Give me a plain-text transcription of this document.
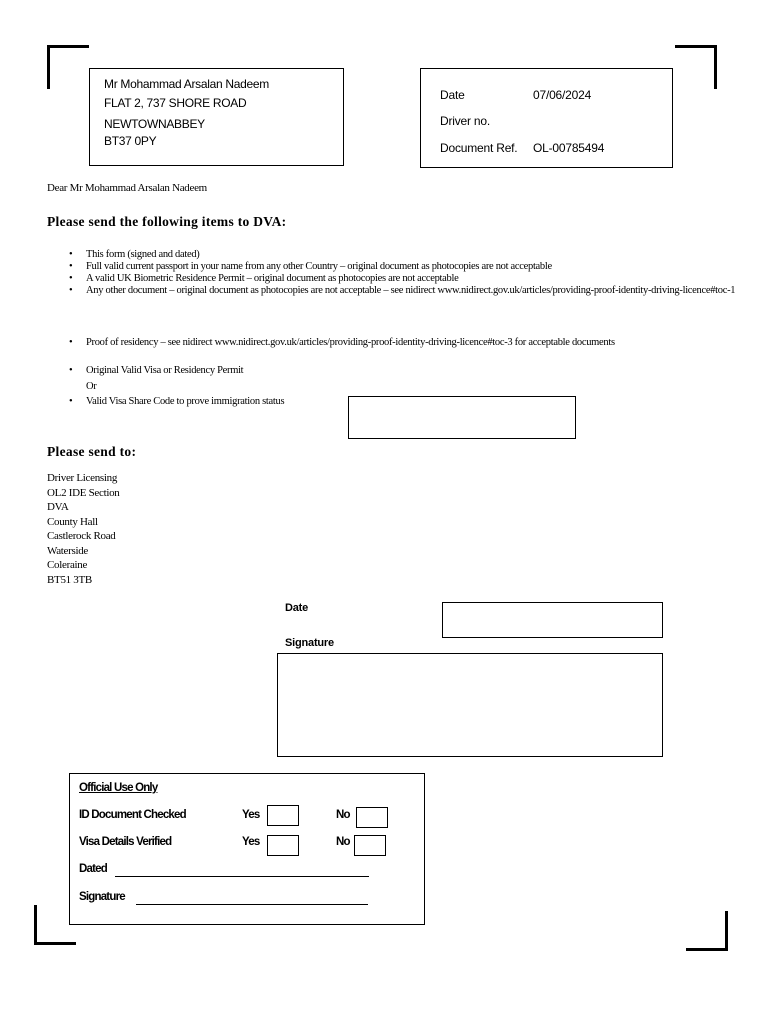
Mr Mohammad Arsalan Nadeem
FLAT 2, 737 SHORE ROAD
NEWTOWNABBEY
BT37 0PY
Date	07/06/2024
Driver no.
Document Ref. OL-00785494
Dear Mr Mohammad Arsalan Nadeem
Please send the following items to DVA:
• This form (signed and dated)
• Full valid current passport in your name from any other Country – original document as photocopies are not acceptable
• A valid UK Biometric Residence Permit – original document as photocopies are not acceptable
• Any other document – original document as photocopies are not acceptable – see nidirect www.nidirect.gov.uk/articles/providing-proof-identity-driving-licence#toc-1
• Proof of residency – see nidirect www.nidirect.gov.uk/articles/providing-proof-identity-driving-licence#toc-3 for acceptable documents
• Original Valid Visa or Residency Permit
Or
• Valid Visa Share Code to prove immigration status
Please send to:
Driver Licensing
OL2 IDE Section
DVA
County Hall
Castlerock Road
Waterside
Coleraine
BT51 3TB
Date
Signature
Official Use Only
ID Document Checked	Yes	No
Visa Details Verified	Yes	No
Dated
Signature
